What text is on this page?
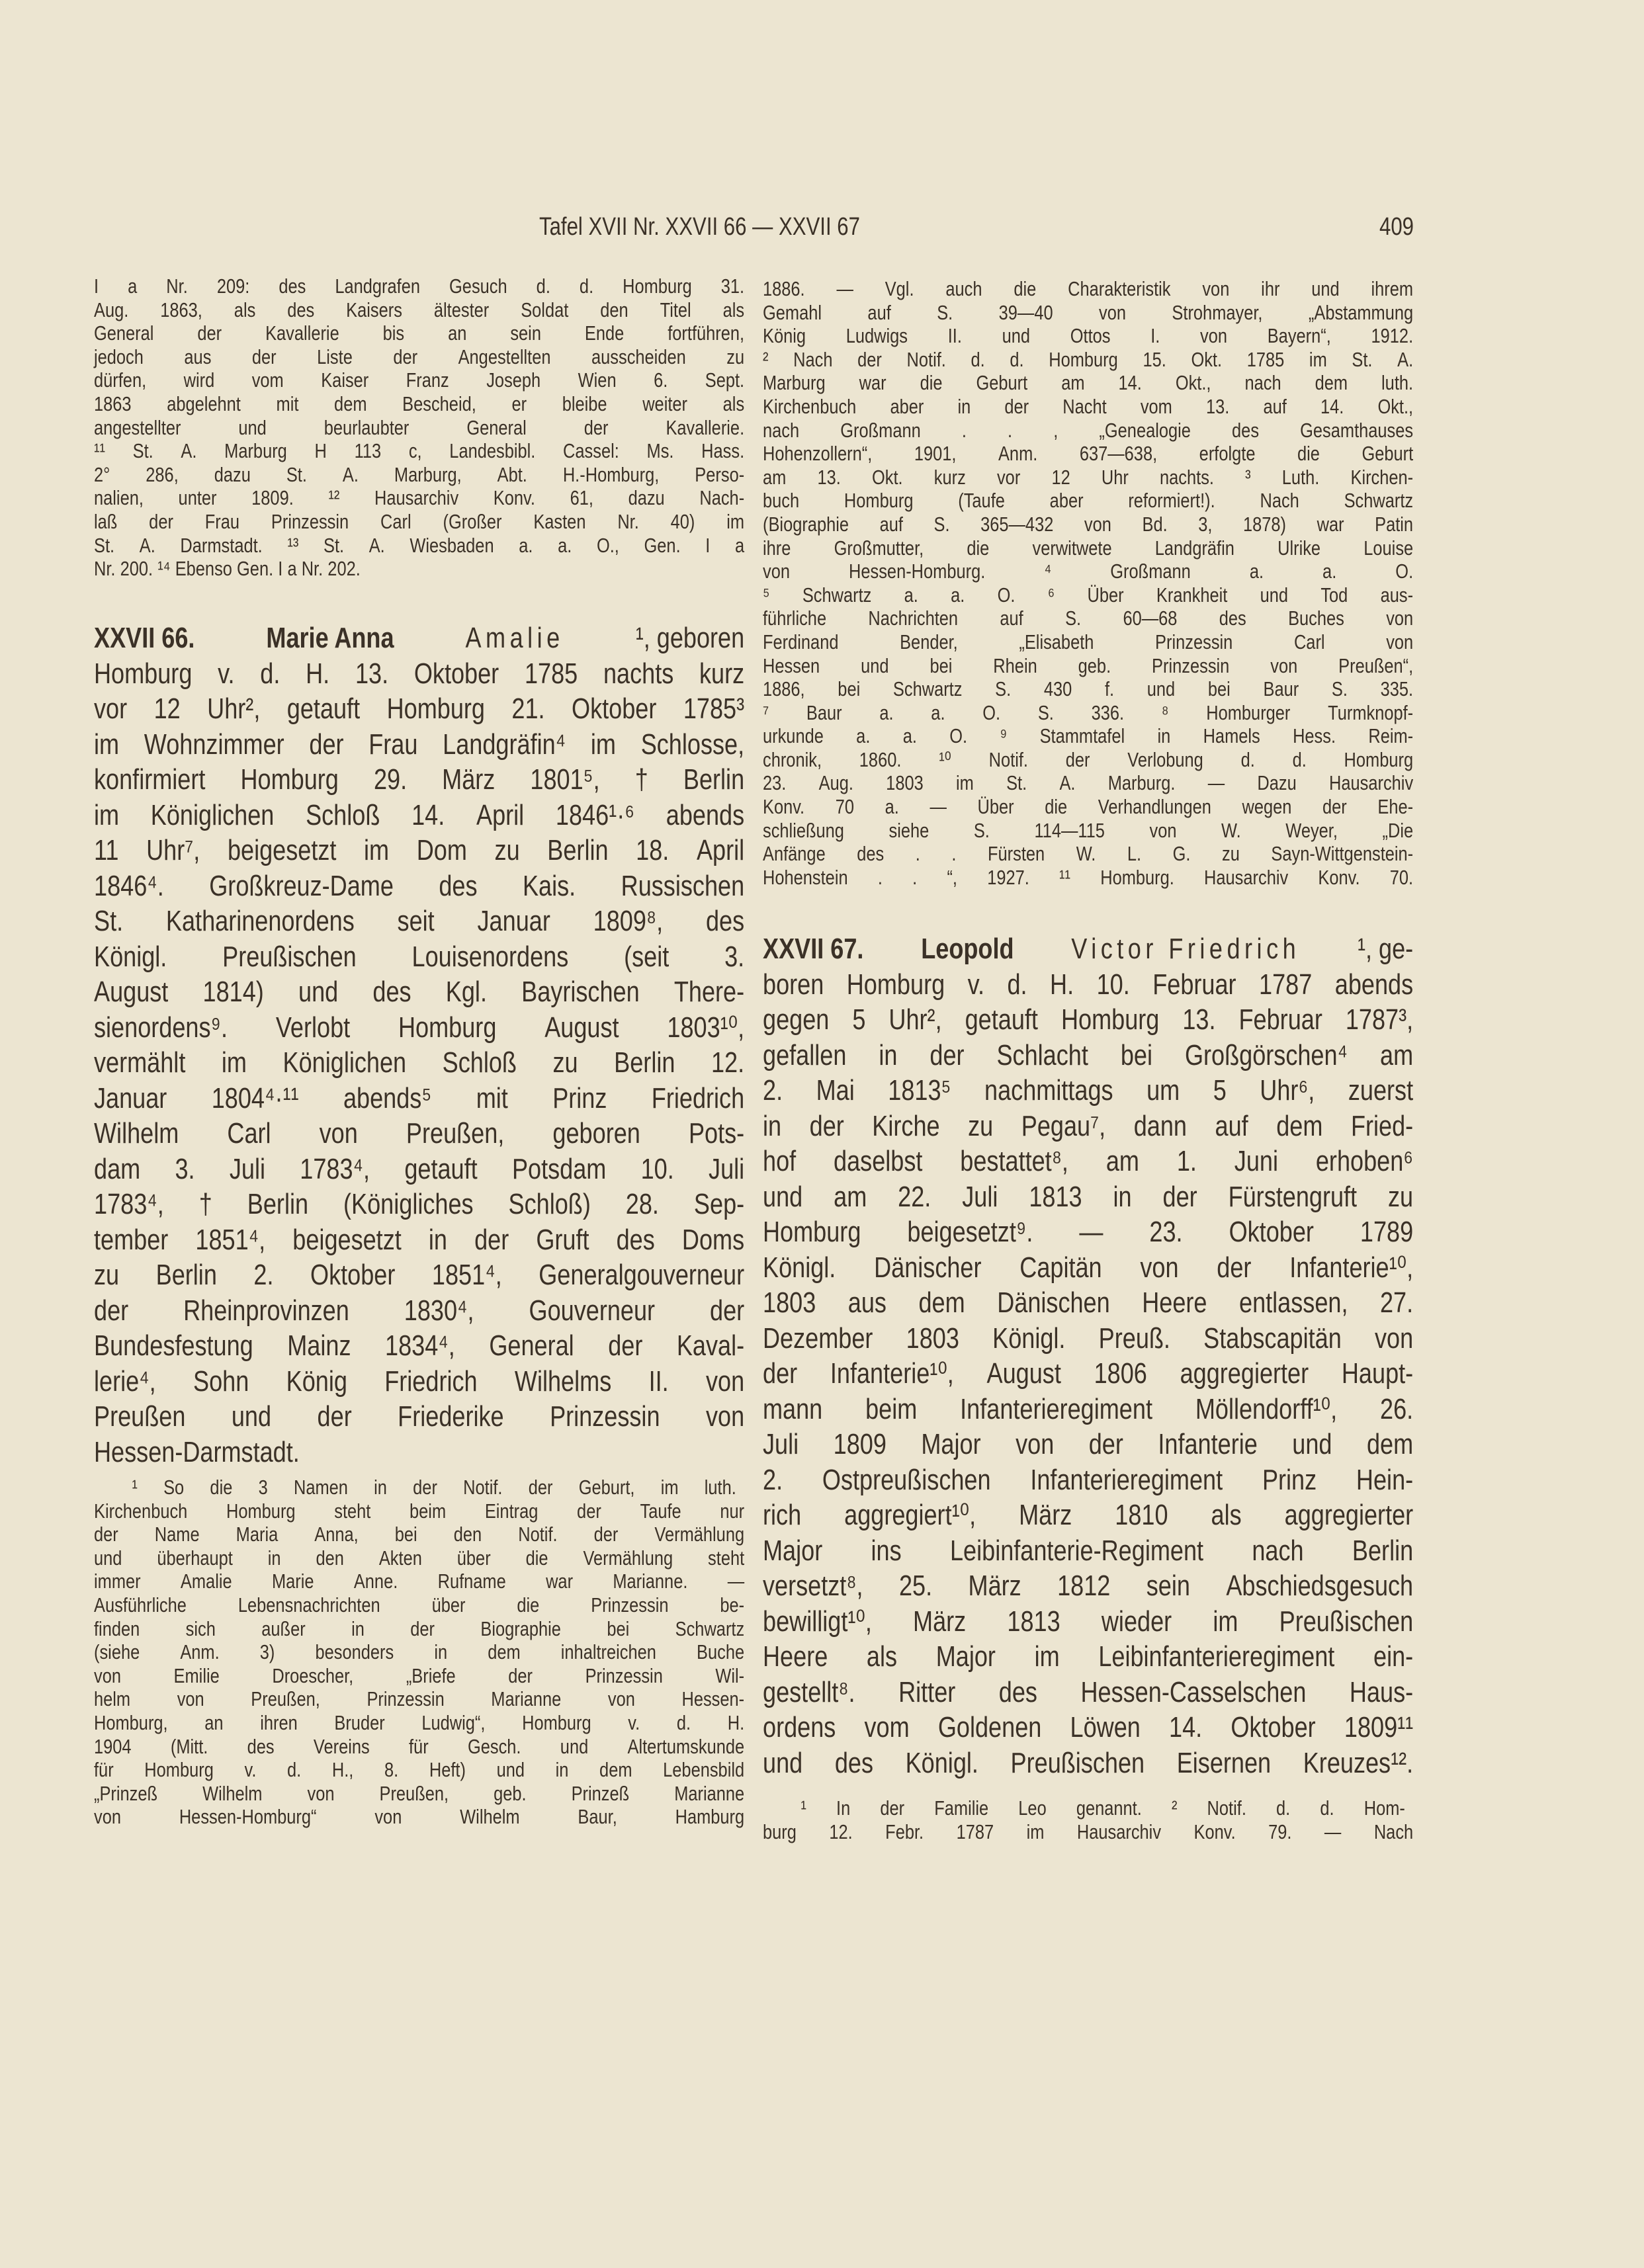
Tafel XVII Nr. XXVII 66 — XXVII 67	409
I a Nr. 209: des Landgrafen Gesuch d. d. Homburg 31.
Aug. 1863, als des Kaisers ältester Soldat den Titel als
General der Kavallerie bis an sein Ende fortführen,
jedoch aus der Liste der Angestellten ausscheiden zu
dürfen, wird vom Kaiser Franz Joseph Wien 6. Sept.
1863 abgelehnt mit dem Bescheid, er bleibe weiter als
angestellter	und	beurlaubter	General	der	Kavallerie.
¹¹ St. A. Marburg H 113 c, Landesbibl. Cassel: Ms. Hass.
2° 286, dazu St. A. Marburg, Abt. H.-Homburg, Perso-
nalien, unter 1809. ¹² Hausarchiv Konv. 61, dazu Nach-
laß der Frau Prinzessin Carl (Großer Kasten Nr. 40) im
St. A. Darmstadt. ¹³ St. A. Wiesbaden a. a. O., Gen. I a
Nr. 200. ¹⁴ Ebenso Gen. I a Nr. 202.
XXVII 66. Marie Anna Amalie ¹, geboren
Homburg v. d. H. 13. Oktober 1785 nachts kurz
vor 12 Uhr², getauft Homburg 21. Oktober 1785³
im Wohnzimmer der Frau Landgräfin⁴ im Schlosse,
konfirmiert Homburg 29. März 1801⁵, † Berlin
im Königlichen Schloß 14. April 1846¹·⁶ abends
11 Uhr⁷, beigesetzt im Dom zu Berlin 18. April
1846⁴. Großkreuz-Dame des Kais. Russischen
St. Katharinenordens seit Januar 1809⁸, des
Königl. Preußischen Louisenordens (seit 3.
August 1814) und des Kgl. Bayrischen There-
sienordens⁹. Verlobt Homburg August 1803¹⁰,
vermählt im Königlichen Schloß zu Berlin 12.
Januar 1804⁴·¹¹ abends⁵ mit Prinz Friedrich
Wilhelm Carl von Preußen, geboren Pots-
dam 3. Juli 1783⁴, getauft Potsdam 10. Juli
1783⁴, † Berlin (Königliches Schloß) 28. Sep-
tember 1851⁴, beigesetzt in der Gruft des Doms
zu Berlin 2. Oktober 1851⁴, Generalgouverneur
der Rheinprovinzen 1830⁴, Gouverneur der
Bundesfestung Mainz 1834⁴, General der Kaval-
lerie⁴, Sohn König Friedrich Wilhelms II. von
Preußen und der Friederike Prinzessin von
Hessen-Darmstadt.
¹ So die 3 Namen in der Notif. der Geburt, im luth.
Kirchenbuch Homburg steht beim Eintrag der Taufe nur
der Name Maria Anna, bei den Notif. der Vermählung
und überhaupt in den Akten über die Vermählung steht
immer Amalie Marie Anne. Rufname war Marianne. —
Ausführliche	Lebensnachrichten	über	die	Prinzessin	be-
finden sich außer in der Biographie bei Schwartz
(siehe Anm. 3) besonders in dem inhaltreichen Buche
von	Emilie	Droescher,	„Briefe	der	Prinzessin	Wil-
helm von Preußen, Prinzessin Marianne von Hessen-
Homburg, an ihren Bruder Ludwig“, Homburg v. d. H.
1904 (Mitt. des Vereins für Gesch. und Altertumskunde
für Homburg v. d. H., 8. Heft) und in dem Lebensbild
„Prinzeß Wilhelm von Preußen, geb. Prinzeß Marianne
von	Hessen-Homburg“	von	Wilhelm	Baur,	Hamburg
1886. — Vgl. auch die Charakteristik von ihr und ihrem
Gemahl auf S. 39—40 von Strohmayer, „Abstammung
König Ludwigs II. und Ottos I. von Bayern“, 1912.
² Nach der Notif. d. d. Homburg 15. Okt. 1785 im St. A.
Marburg war die Geburt am 14. Okt., nach dem luth.
Kirchenbuch aber in der Nacht vom 13. auf 14. Okt.,
nach Großmann . . , „Genealogie des Gesamthauses
Hohenzollern“, 1901, Anm. 637—638, erfolgte die Geburt
am 13. Okt. kurz vor 12 Uhr nachts. ³ Luth. Kirchen-
buch Homburg (Taufe aber reformiert!). Nach Schwartz
(Biographie auf S. 365—432 von Bd. 3, 1878) war Patin
ihre Großmutter, die verwitwete Landgräfin Ulrike Louise
von	Hessen-Homburg.	⁴	Großmann	a.	a.	O.
⁵ Schwartz a. a. O. ⁶ Über Krankheit und Tod aus-
führliche Nachrichten auf S. 60—68 des Buches von
Ferdinand	Bender,	„Elisabeth	Prinzessin	Carl	von
Hessen und bei Rhein geb. Prinzessin von Preußen“,
1886, bei Schwartz S. 430 f. und bei Baur S. 335.
⁷ Baur a. a. O. S. 336. ⁸ Homburger Turmknopf-
urkunde a. a. O. ⁹ Stammtafel in Hamels Hess. Reim-
chronik, 1860. ¹⁰ Notif. der Verlobung d. d. Homburg
23. Aug. 1803 im St. A. Marburg. — Dazu Hausarchiv
Konv. 70 a. — Über die Verhandlungen wegen der Ehe-
schließung siehe S. 114—115 von W. Weyer, „Die
Anfänge des . . Fürsten W. L. G. zu Sayn-Wittgenstein-
Hohenstein . . “, 1927. ¹¹ Homburg. Hausarchiv Konv. 70.
XXVII 67. Leopold Victor Friedrich ¹, ge-
boren Homburg v. d. H. 10. Februar 1787 abends
gegen 5 Uhr², getauft Homburg 13. Februar 1787³,
gefallen in der Schlacht bei Großgörschen⁴ am
2. Mai 1813⁵ nachmittags um 5 Uhr⁶, zuerst
in der Kirche zu Pegau⁷, dann auf dem Fried-
hof daselbst bestattet⁸, am 1. Juni erhoben⁶
und am 22. Juli 1813 in der Fürstengruft zu
Homburg beigesetzt⁹. — 23. Oktober 1789
Königl. Dänischer Capitän von der Infanterie¹⁰,
1803 aus dem Dänischen Heere entlassen, 27.
Dezember 1803 Königl. Preuß. Stabscapitän von
der Infanterie¹⁰, August 1806 aggregierter Haupt-
mann beim Infanterieregiment Möllendorff¹⁰, 26.
Juli 1809 Major von der Infanterie und dem
2. Ostpreußischen Infanterieregiment Prinz Hein-
rich aggregiert¹⁰, März 1810 als aggregierter
Major ins Leibinfanterie-Regiment nach Berlin
versetzt⁸, 25. März 1812 sein Abschiedsgesuch
bewilligt¹⁰, März 1813 wieder im Preußischen
Heere als Major im Leibinfanterieregiment ein-
gestellt⁸. Ritter des Hessen-Casselschen Haus-
ordens vom Goldenen Löwen 14. Oktober 1809¹¹
und des Königl. Preußischen Eisernen Kreuzes¹².
¹ In der Familie Leo genannt. ² Notif. d. d. Hom-
burg 12. Febr. 1787 im Hausarchiv Konv. 79. — Nach
